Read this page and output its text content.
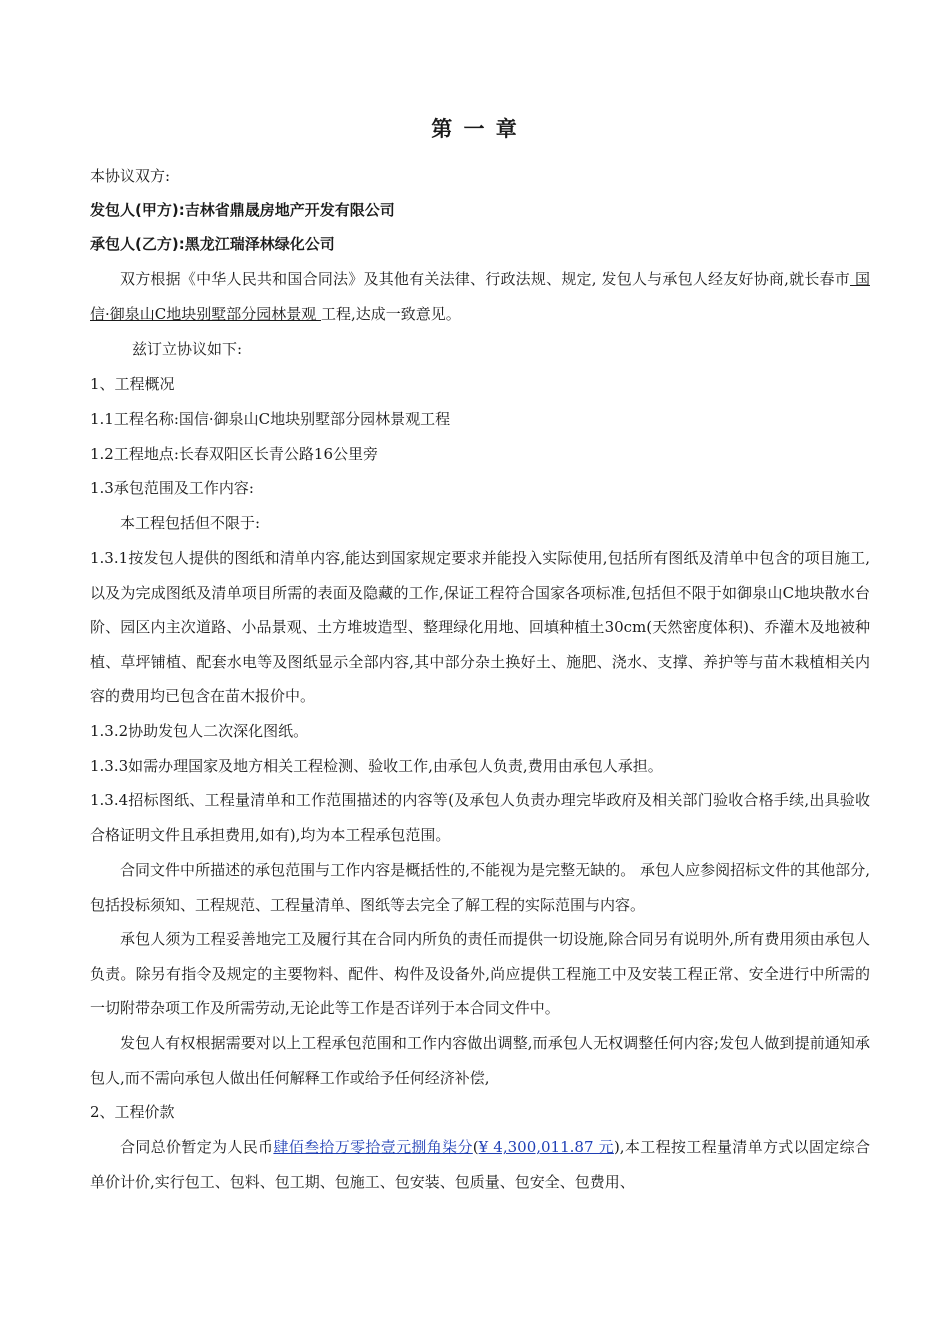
第 一 章

本协议双方:

发包人(甲方):吉林省鼎晟房地产开发有限公司

承包人(乙方):黑龙江瑞泽林绿化公司

双方根据《中华人民共和国合同法》及其他有关法律、行政法规、规定, 发包人与承包人经友好协商,就长春市 国信·御泉山C地块别墅部分园林景观 工程,达成一致意见。

兹订立协议如下:

1、工程概况

1.1工程名称:国信·御泉山C地块别墅部分园林景观工程

1.2工程地点:长春双阳区长青公路16公里旁

1.3承包范围及工作内容:

本工程包括但不限于:

1.3.1按发包人提供的图纸和清单内容,能达到国家规定要求并能投入实际使用,包括所有图纸及清单中包含的项目施工,以及为完成图纸及清单项目所需的表面及隐藏的工作,保证工程符合国家各项标准,包括但不限于如御泉山C地块散水台阶、园区内主次道路、小品景观、土方堆坡造型、整理绿化用地、回填种植土30cm(天然密度体积)、乔灌木及地被种植、草坪铺植、配套水电等及图纸显示全部内容,其中部分杂土换好土、施肥、浇水、支撑、养护等与苗木栽植相关内容的费用均已包含在苗木报价中。

1.3.2协助发包人二次深化图纸。

1.3.3如需办理国家及地方相关工程检测、验收工作,由承包人负责,费用由承包人承担。

1.3.4招标图纸、工程量清单和工作范围描述的内容等(及承包人负责办理完毕政府及相关部门验收合格手续,出具验收合格证明文件且承担费用,如有),均为本工程承包范围。

合同文件中所描述的承包范围与工作内容是概括性的,不能视为是完整无缺的。 承包人应参阅招标文件的其他部分,包括投标须知、工程规范、工程量清单、图纸等去完全了解工程的实际范围与内容。

承包人须为工程妥善地完工及履行其在合同内所负的责任而提供一切设施,除合同另有说明外,所有费用须由承包人负责。除另有指令及规定的主要物料、配件、构件及设备外,尚应提供工程施工中及安装工程正常、安全进行中所需的一切附带杂项工作及所需劳动,无论此等工作是否详列于本合同文件中。

发包人有权根据需要对以上工程承包范围和工作内容做出调整,而承包人无权调整任何内容;发包人做到提前通知承包人,而不需向承包人做出任何解释工作或给予任何经济补偿,

2、工程价款

合同总价暂定为人民币肆佰叁拾万零拾壹元捌角柒分(¥ 4,300,011.87 元),本工程按工程量清单方式以固定综合单价计价,实行包工、包料、包工期、包施工、包安装、包质量、包安全、包费用、
